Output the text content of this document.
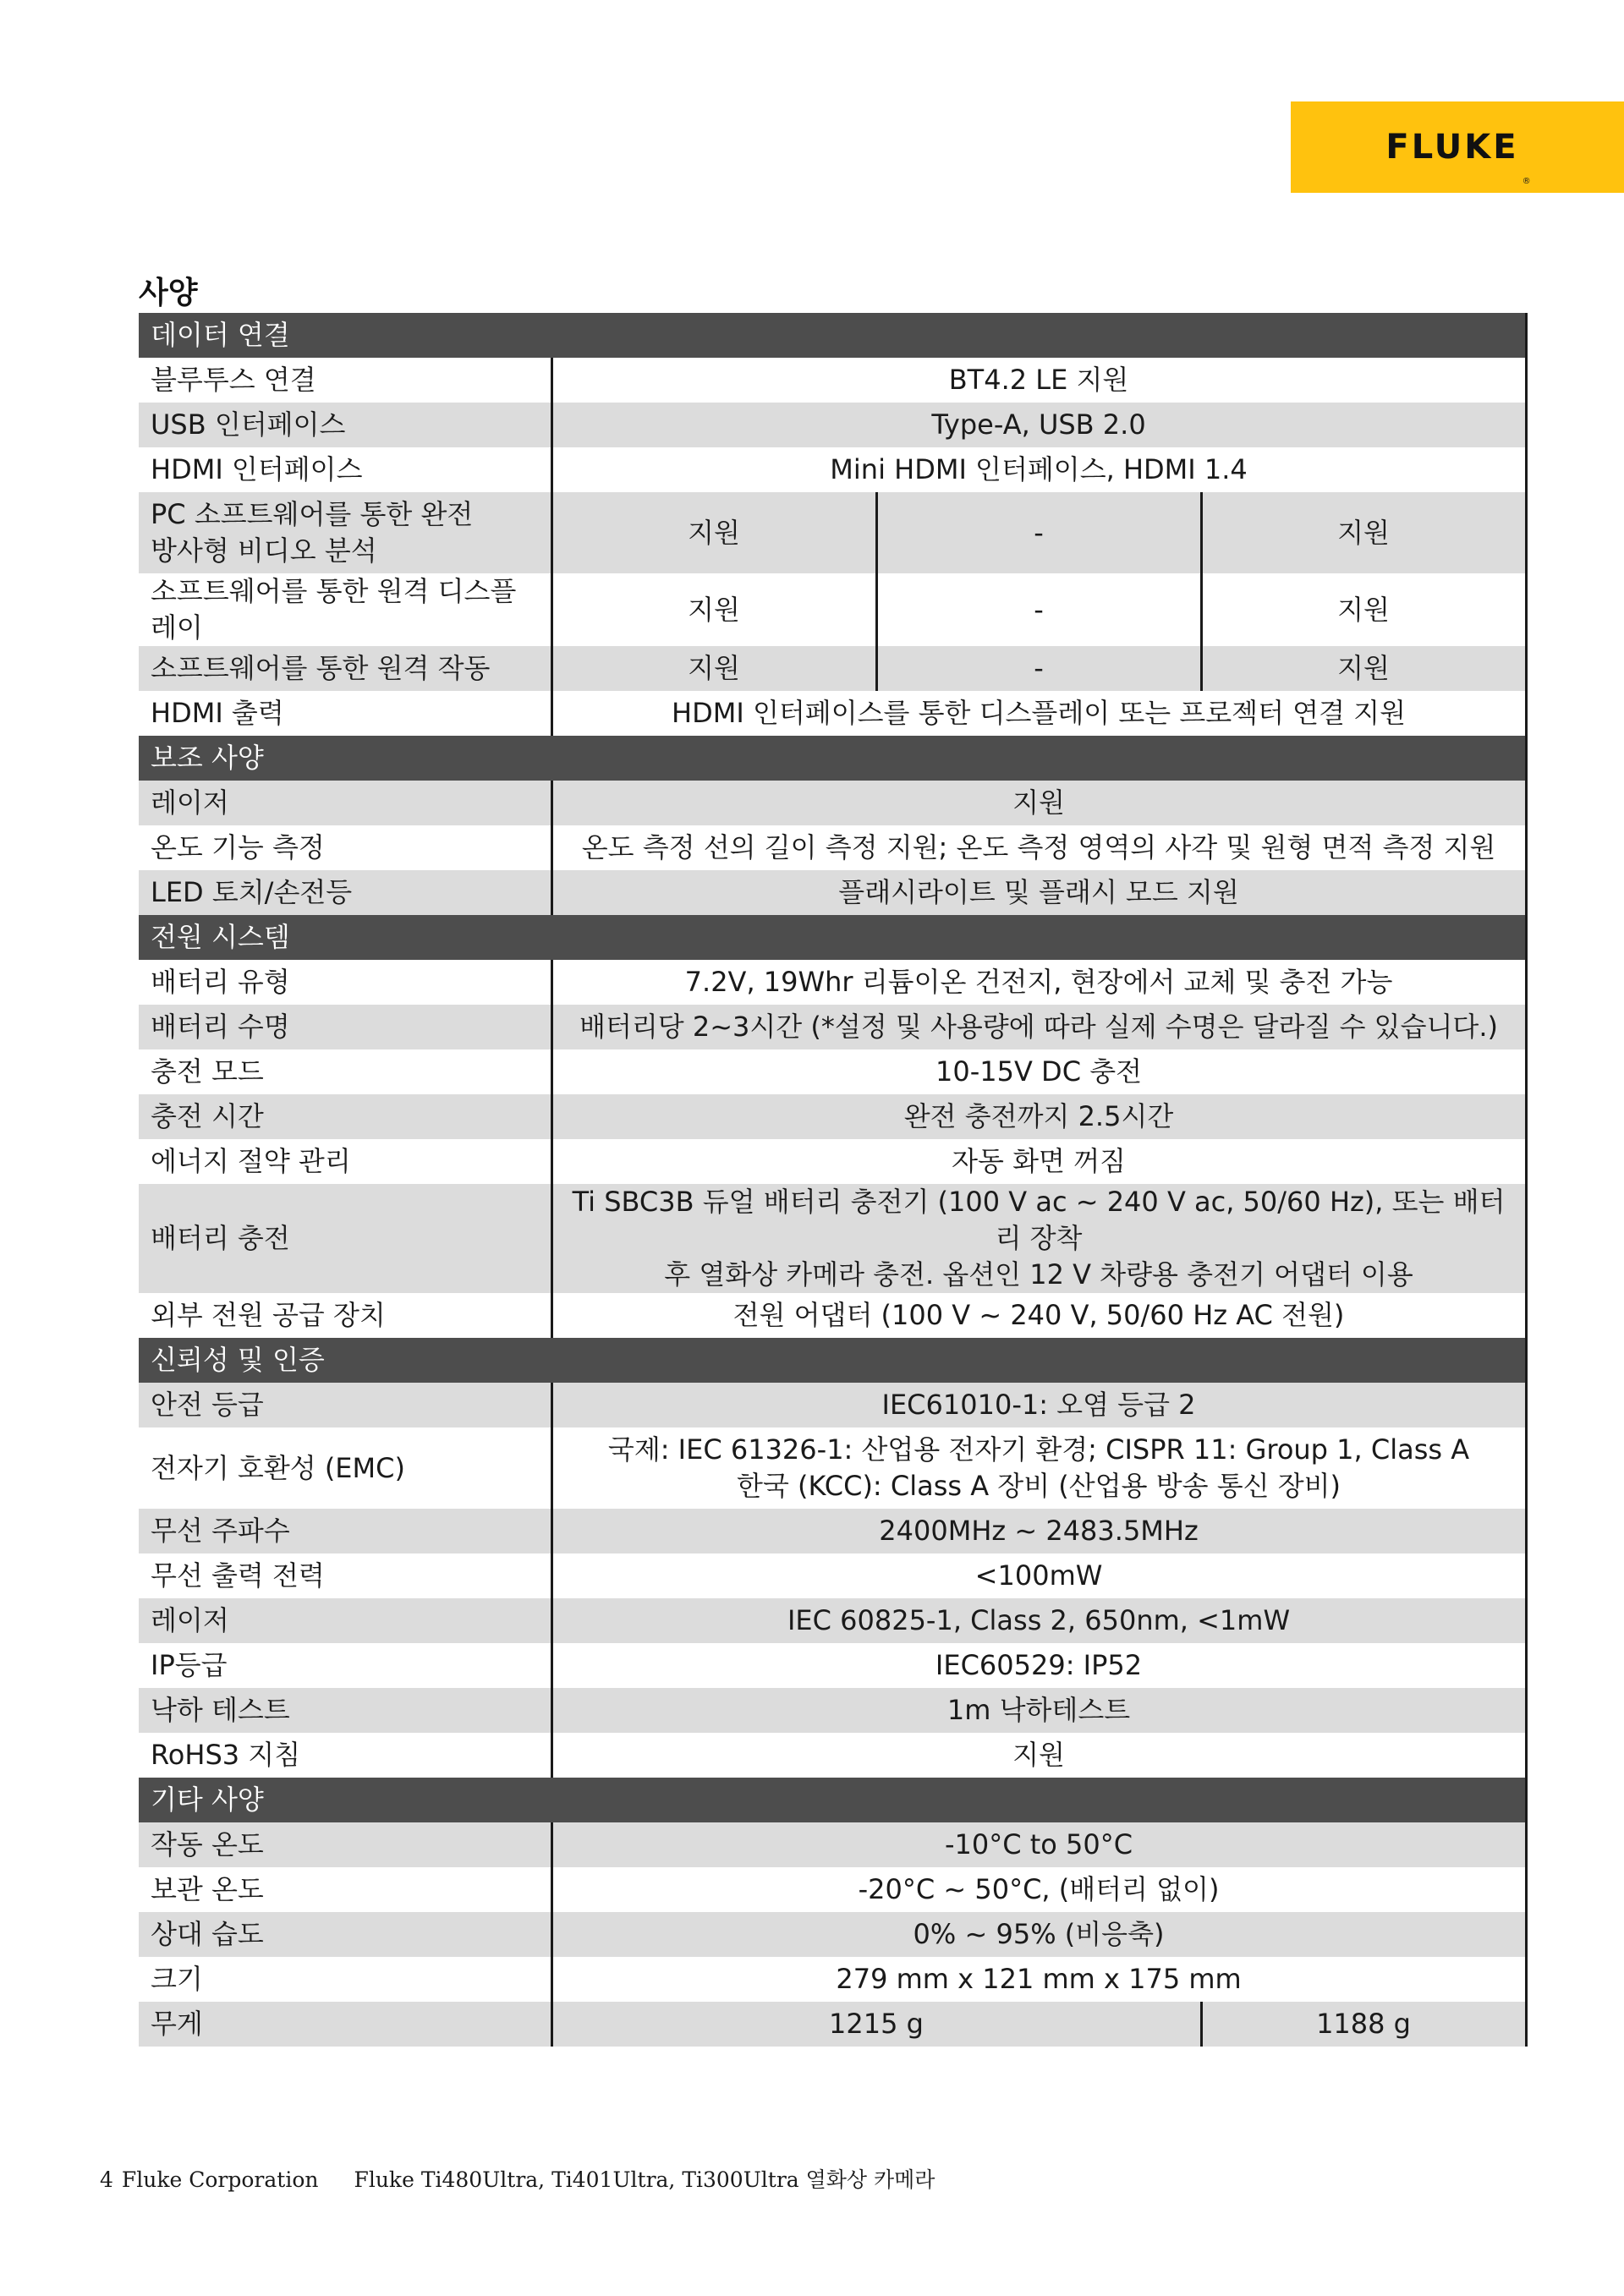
FLUKE
®
사양
데이터 연결			
블루투스 연결	BT4.2 LE 지원		
USB 인터페이스	Type-A, USB 2.0		
HDMI 인터페이스	Mini HDMI 인터페이스, HDMI 1.4		
PC 소프트웨어를 통한 완전
방사형 비디오 분석	지원	-	지원
소프트웨어를 통한 원격 디스플레이	지원	-	지원
소프트웨어를 통한 원격 작동	지원	-	지원
HDMI 출력	HDMI 인터페이스를 통한 디스플레이 또는 프로젝터 연결 지원		
보조 사양			
레이저	지원		
온도 기능 측정	온도 측정 선의 길이 측정 지원; 온도 측정 영역의 사각 및 원형 면적 측정 지원		
LED 토치/손전등	플래시라이트 및 플래시 모드 지원		
전원 시스템			
배터리 유형	7.2V, 19Whr 리튬이온 건전지, 현장에서 교체 및 충전 가능		
배터리 수명	배터리당 2~3시간 (*설정 및 사용량에 따라 실제 수명은 달라질 수 있습니다.)		
충전 모드	10-15V DC 충전		
충전 시간	완전 충전까지 2.5시간		
에너지 절약 관리	자동 화면 꺼짐		
배터리 충전	Ti SBC3B 듀얼 배터리 충전기 (100 V ac ~ 240 V ac, 50/60 Hz), 또는 배터리 장착
후 열화상 카메라 충전. 옵션인 12 V 차량용 충전기 어댑터 이용		
외부 전원 공급 장치	전원 어댑터 (100 V ~ 240 V, 50/60 Hz AC 전원)		
신뢰성 및 인증			
안전 등급	IEC61010-1: 오염 등급 2		
전자기 호환성 (EMC)	국제: IEC 61326-1: 산업용 전자기 환경; CISPR 11: Group 1, Class A
한국 (KCC): Class A 장비 (산업용 방송 통신 장비)		
무선 주파수	2400MHz ~ 2483.5MHz		
무선 출력 전력	<100mW		
레이저	IEC 60825-1, Class 2, 650nm, <1mW		
IP등급	IEC60529: IP52		
낙하 테스트	1m 낙하테스트		
RoHS3 지침	지원		
기타 사양			
작동 온도	-10°C to 50°C		
보관 온도	-20°C ~ 50°C, (배터리 없이)		
상대 습도	0% ~ 95% (비응축)		
크기	279 mm x 121 mm x 175 mm		
무게	1215 g		1188 g
4 Fluke Corporation Fluke Ti480Ultra, Ti401Ultra, Ti300Ultra 열화상 카메라
